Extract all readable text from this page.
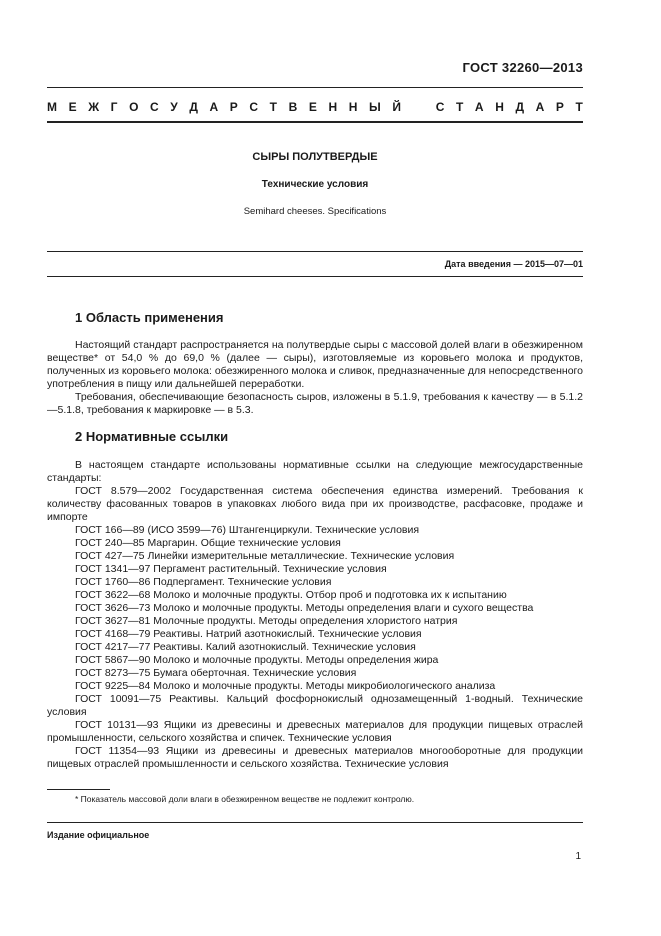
ГОСТ 32260—2013
М Е Ж Г О С У Д А Р С Т В Е Н Н Ы Й	С Т А Н Д А Р Т
СЫРЫ ПОЛУТВЕРДЫЕ
Технические условия
Semihard cheeses. Specifications
Дата введения — 2015—07—01
1 Область применения

Настоящий стандарт распространяется на полутвердые сыры с массовой долей влаги в обезжиренном веществе* от 54,0 % до 69,0 % (далее — сыры), изготовляемые из коровьего молока и продуктов, полученных из коровьего молока: обезжиренного молока и сливок, предназначенные для непосредственного употребления в пищу или дальнейшей переработки.

Требования, обеспечивающие безопасность сыров, изложены в 5.1.9, требования к качеству — в 5.1.2—5.1.8, требования к маркировке — в 5.3.

2 Нормативные ссылки

В настоящем стандарте использованы нормативные ссылки на следующие межгосударственные стандарты:

ГОСТ 8.579—2002 Государственная система обеспечения единства измерений. Требования к количеству фасованных товаров в упаковках любого вида при их производстве, расфасовке, продаже и импорте

ГОСТ 166—89 (ИСО 3599—76) Штангенциркули. Технические условия

ГОСТ 240—85 Маргарин. Общие технические условия

ГОСТ 427—75 Линейки измерительные металлические. Технические условия

ГОСТ 1341—97 Пергамент растительный. Технические условия

ГОСТ 1760—86 Подпергамент. Технические условия

ГОСТ 3622—68 Молоко и молочные продукты. Отбор проб и подготовка их к испытанию

ГОСТ 3626—73 Молоко и молочные продукты. Методы определения влаги и сухого вещества

ГОСТ 3627—81 Молочные продукты. Методы определения хлористого натрия

ГОСТ 4168—79 Реактивы. Натрий азотнокислый. Технические условия

ГОСТ 4217—77 Реактивы. Калий азотнокислый. Технические условия

ГОСТ 5867—90 Молоко и молочные продукты. Методы определения жира

ГОСТ 8273—75 Бумага оберточная. Технические условия

ГОСТ 9225—84 Молоко и молочные продукты. Методы микробиологического анализа

ГОСТ 10091—75 Реактивы. Кальций фосфорнокислый однозамещенный 1-водный. Технические условия

ГОСТ 10131—93 Ящики из древесины и древесных материалов для продукции пищевых отраслей промышленности, сельского хозяйства и спичек. Технические условия

ГОСТ 11354—93 Ящики из древесины и древесных материалов многооборотные для продукции пищевых отраслей промышленности и сельского хозяйства. Технические условия

* Показатель массовой доли влаги в обезжиренном веществе не подлежит контролю.
Издание официальное
1
